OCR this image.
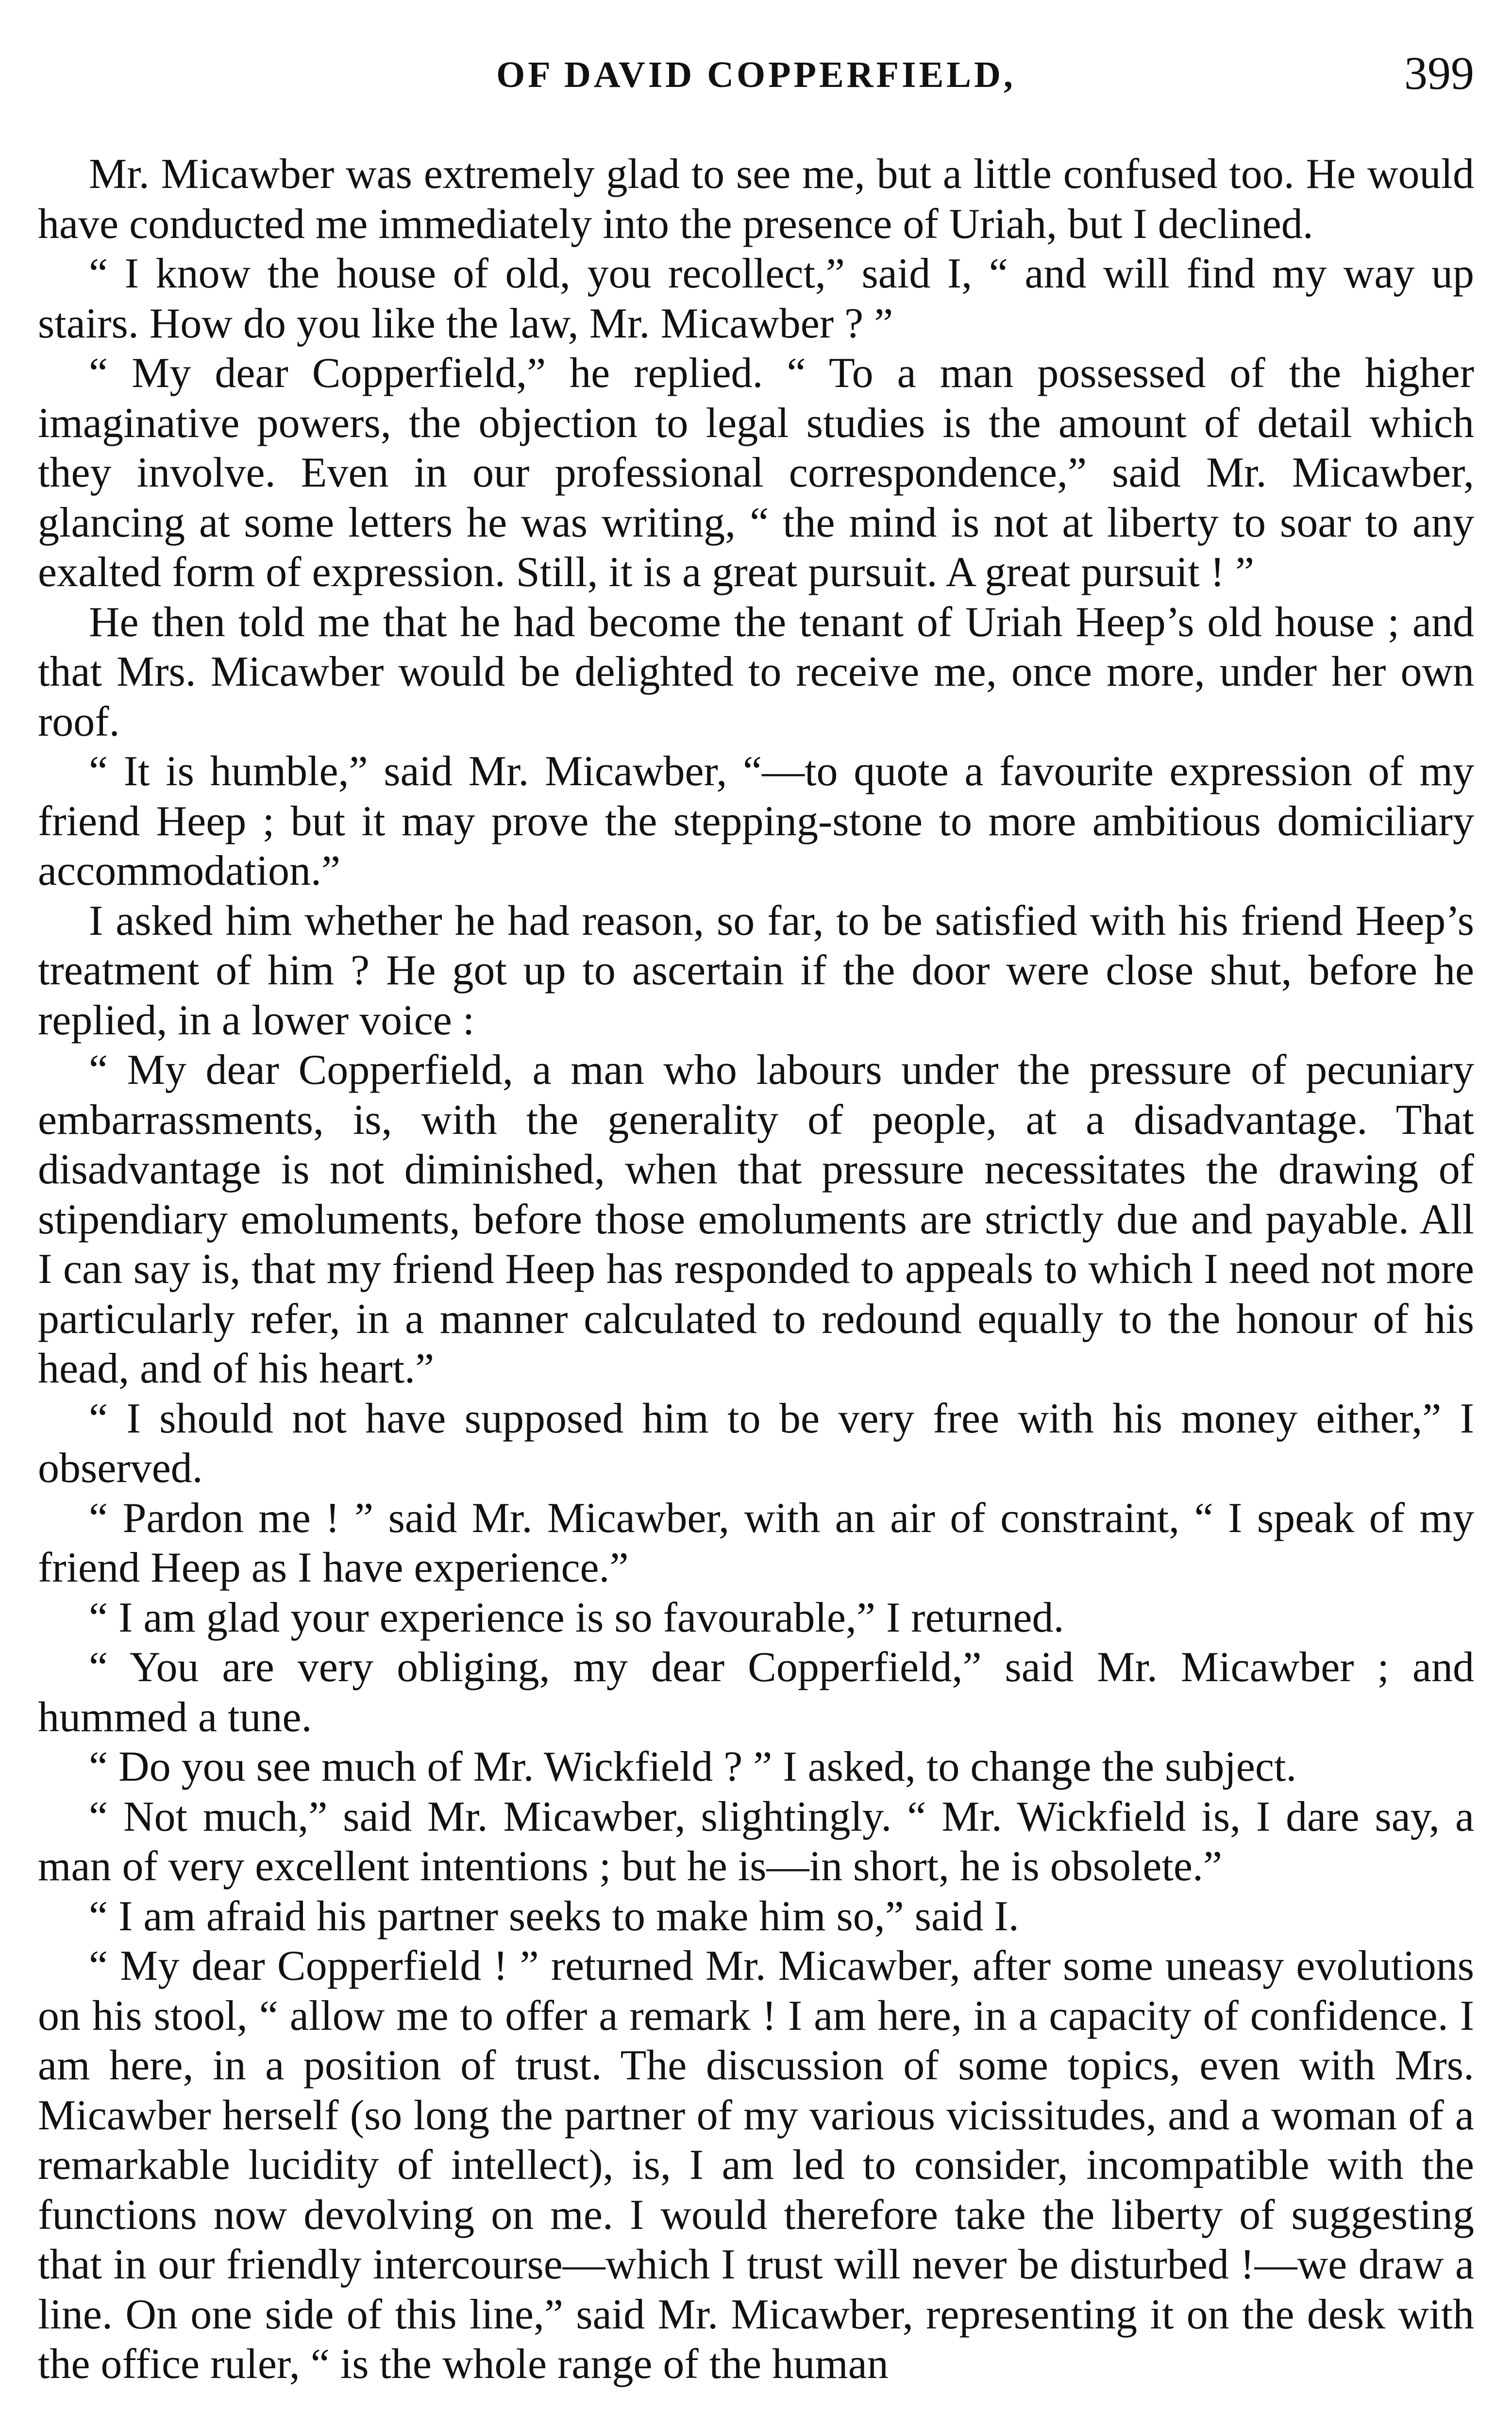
OF DAVID COPPERFIELD,	399

Mr. Micawber was extremely glad to see me, but a little confused too. He would have conducted me immediately into the presence of Uriah, but I declined.

“ I know the house of old, you recollect,” said I, “ and will find my way up stairs. How do you like the law, Mr. Micawber ? ”

“ My dear Copperfield,” he replied. “ To a man possessed of the higher imaginative powers, the objection to legal studies is the amount of detail which they involve. Even in our professional correspondence,” said Mr. Micawber, glancing at some letters he was writing, “ the mind is not at liberty to soar to any exalted form of expression. Still, it is a great pursuit. A great pursuit ! ”

He then told me that he had become the tenant of Uriah Heep’s old house ; and that Mrs. Micawber would be delighted to receive me, once more, under her own roof.

“ It is humble,” said Mr. Micawber, “—to quote a favourite expression of my friend Heep ; but it may prove the stepping-stone to more ambitious domiciliary accommodation.”

I asked him whether he had reason, so far, to be satisfied with his friend Heep’s treatment of him ? He got up to ascertain if the door were close shut, before he replied, in a lower voice :

“ My dear Copperfield, a man who labours under the pressure of pecuniary embarrassments, is, with the generality of people, at a disadvantage. That disadvantage is not diminished, when that pressure necessitates the drawing of stipendiary emoluments, before those emoluments are strictly due and payable. All I can say is, that my friend Heep has responded to appeals to which I need not more particularly refer, in a manner calculated to redound equally to the honour of his head, and of his heart.”

“ I should not have supposed him to be very free with his money either,” I observed.

“ Pardon me ! ” said Mr. Micawber, with an air of constraint, “ I speak of my friend Heep as I have experience.”

“ I am glad your experience is so favourable,” I returned.

“ You are very obliging, my dear Copperfield,” said Mr. Micawber ; and hummed a tune.

“ Do you see much of Mr. Wickfield ? ” I asked, to change the subject.

“ Not much,” said Mr. Micawber, slightingly. “ Mr. Wickfield is, I dare say, a man of very excellent intentions ; but he is—in short, he is obsolete.”

“ I am afraid his partner seeks to make him so,” said I.

“ My dear Copperfield ! ” returned Mr. Micawber, after some uneasy evolutions on his stool, “ allow me to offer a remark ! I am here, in a capacity of confidence. I am here, in a position of trust. The discussion of some topics, even with Mrs. Micawber herself (so long the partner of my various vicissitudes, and a woman of a remarkable lucidity of intellect), is, I am led to consider, incompatible with the functions now devolving on me. I would therefore take the liberty of suggesting that in our friendly intercourse—which I trust will never be disturbed !—we draw a line. On one side of this line,” said Mr. Micawber, representing it on the desk with the office ruler, “ is the whole range of the human
